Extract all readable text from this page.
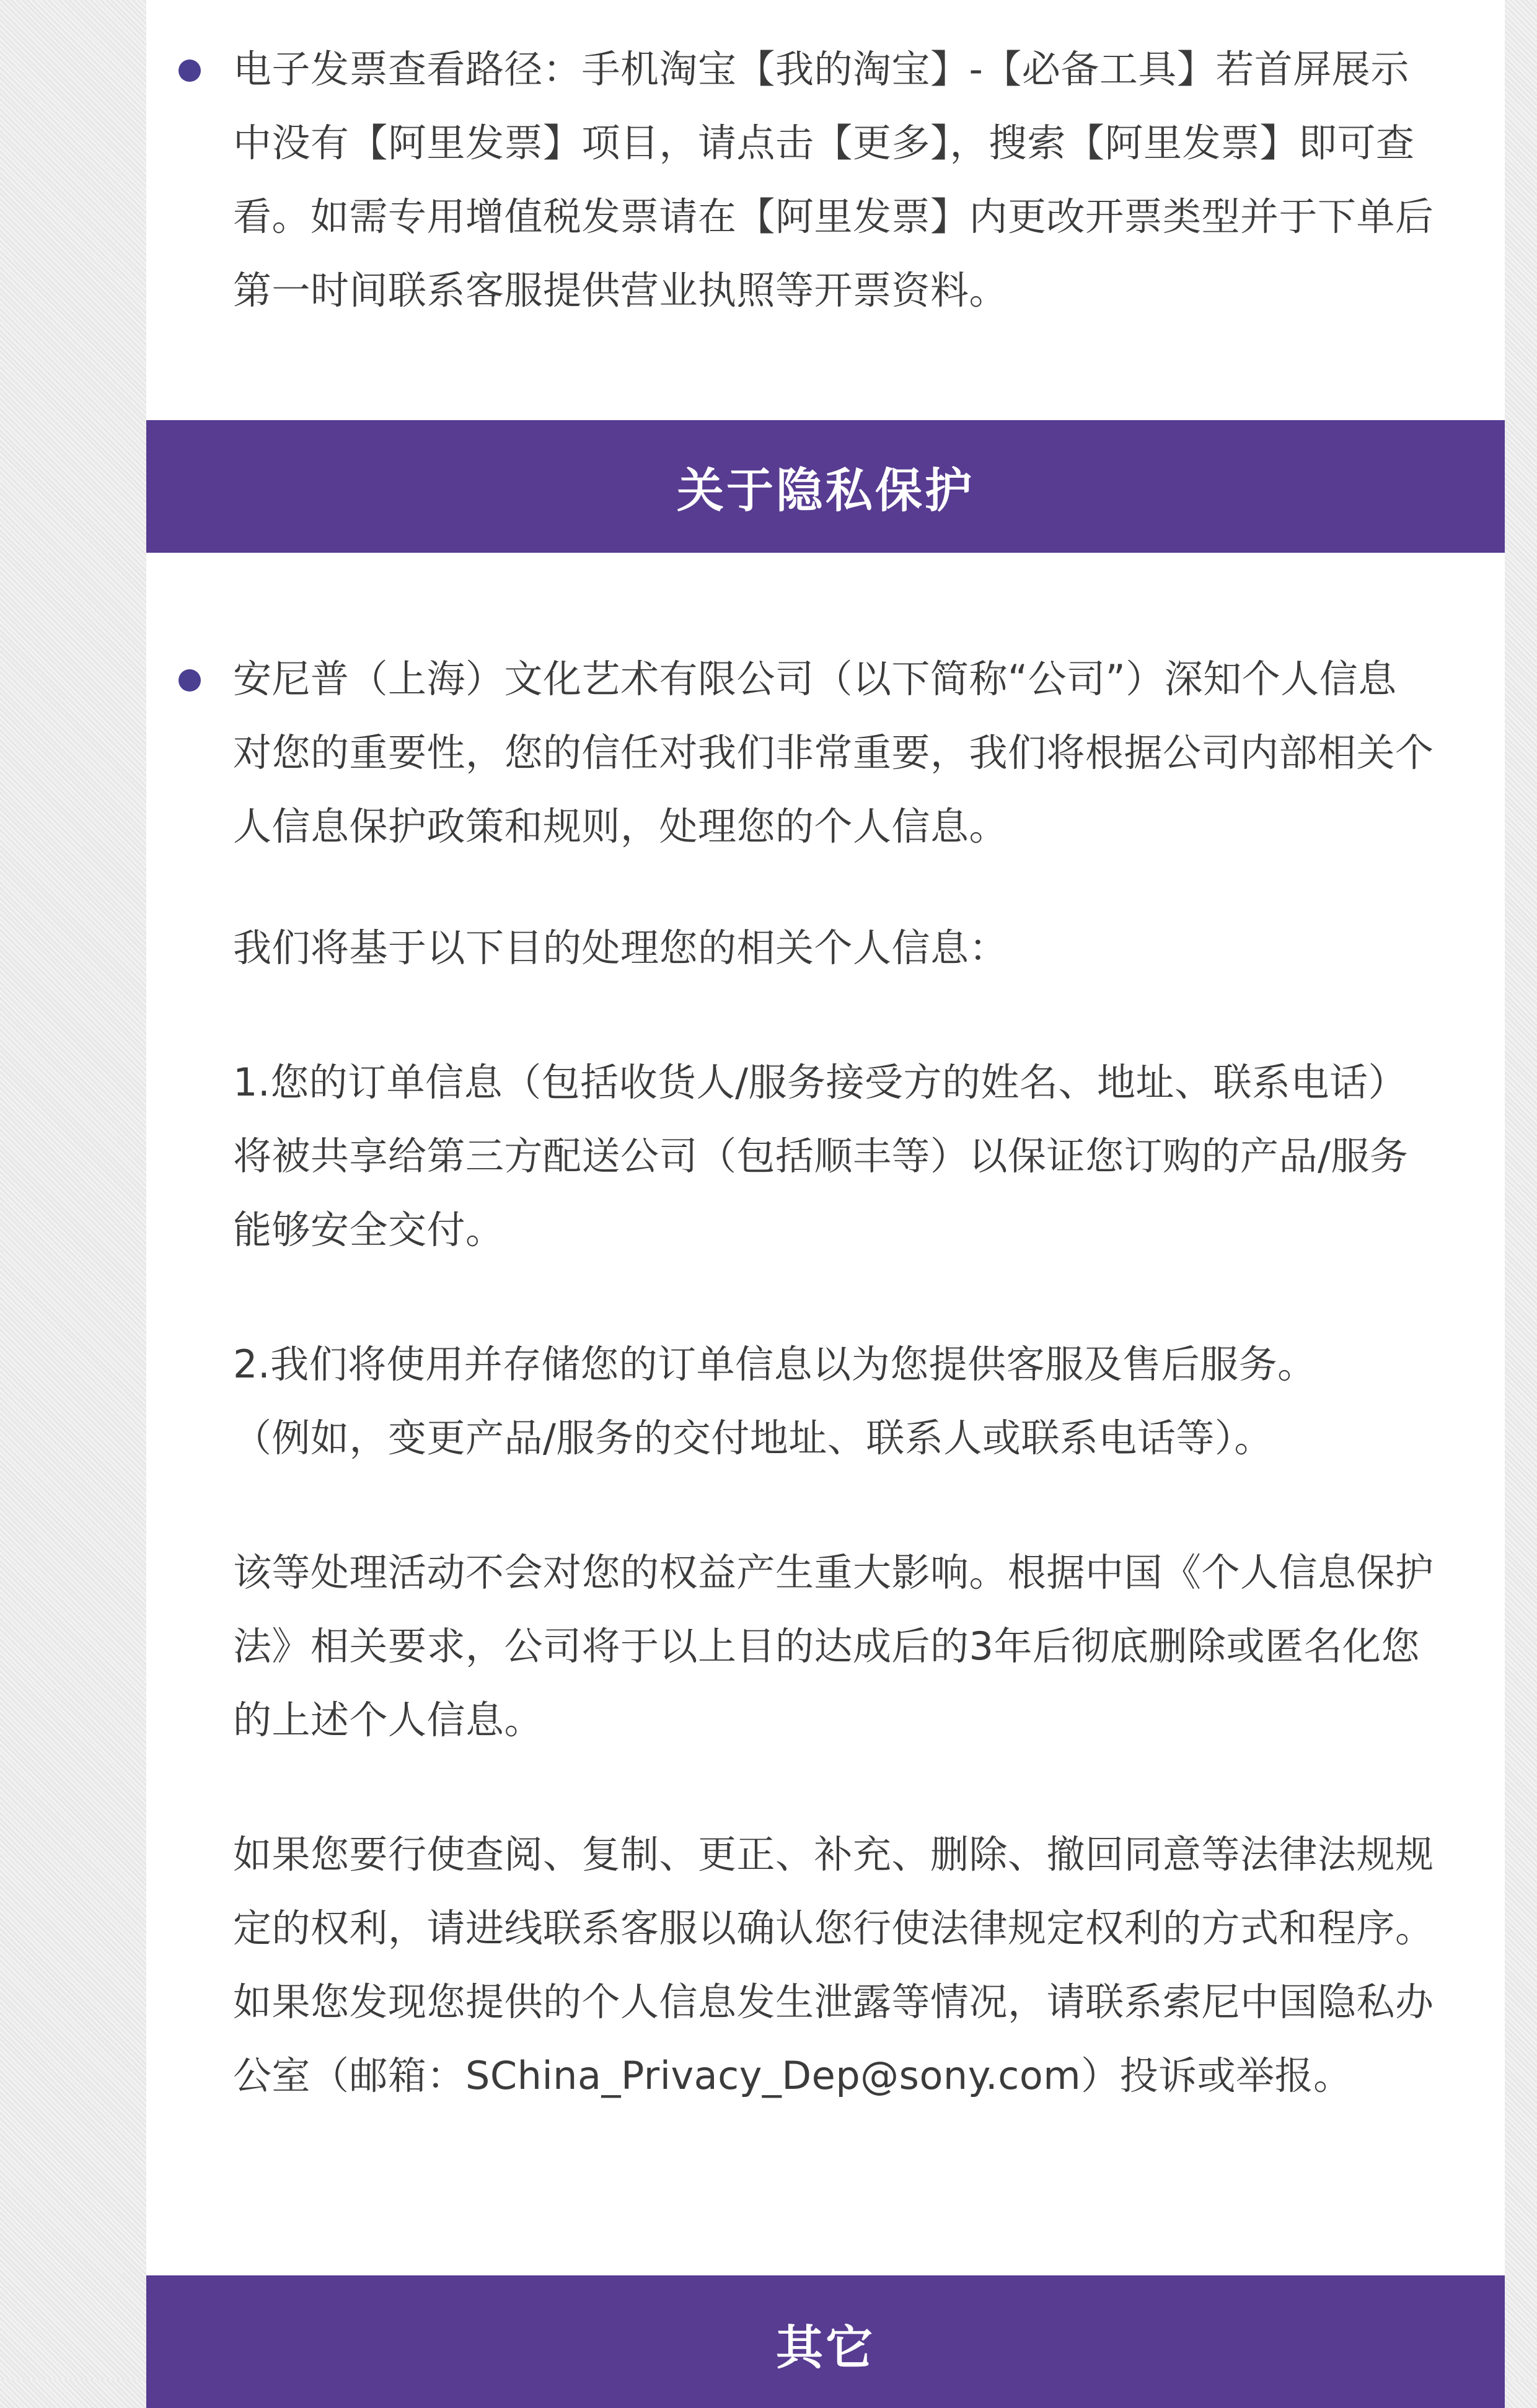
电子发票查看路径：手机淘宝【我的淘宝】-【必备工具】若首屏展示中没有【阿里发票】项目，请点击【更多】，搜索【阿里发票】即可查看。如需专用增值税发票请在【阿里发票】内更改开票类型并于下单后第一时间联系客服提供营业执照等开票资料。

关于隐私保护

安尼普（上海）文化艺术有限公司（以下简称“公司”）深知个人信息对您的重要性，您的信任对我们非常重要，我们将根据公司内部相关个人信息保护政策和规则，处理您的个人信息。

我们将基于以下目的处理您的相关个人信息：

1.您的订单信息（包括收货人/服务接受方的姓名、地址、联系电话）将被共享给第三方配送公司（包括顺丰等）以保证您订购的产品/服务能够安全交付。

2.我们将使用并存储您的订单信息以为您提供客服及售后服务。

（例如，变更产品/服务的交付地址、联系人或联系电话等）。

该等处理活动不会对您的权益产生重大影响。根据中国《个人信息保护法》相关要求，公司将于以上目的达成后的3年后彻底删除或匿名化您的上述个人信息。

如果您要行使查阅、复制、更正、补充、删除、撤回同意等法律法规规定的权利，请进线联系客服以确认您行使法律规定权利的方式和程序。如果您发现您提供的个人信息发生泄露等情况，请联系索尼中国隐私办公室（邮箱：SChina_Privacy_Dep@sony.com）投诉或举报。

其它
